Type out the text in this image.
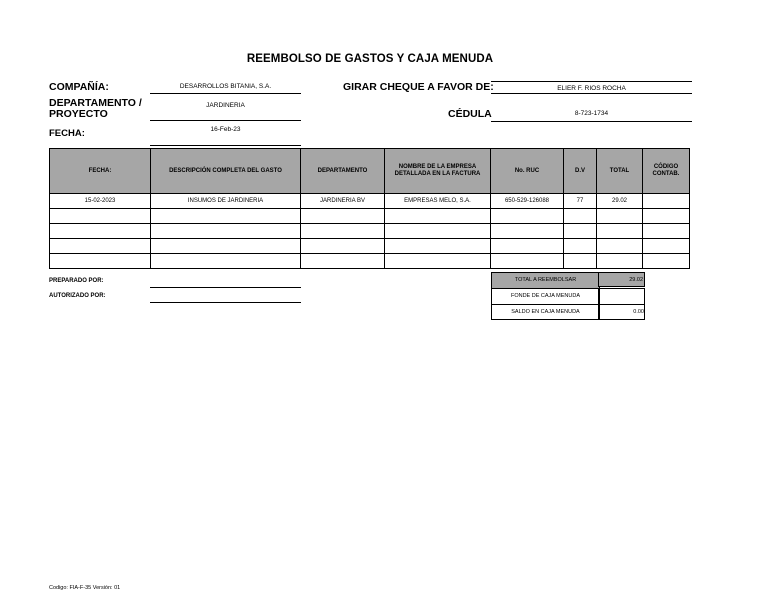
REEMBOLSO DE GASTOS Y CAJA MENUDA
COMPAÑÍA:	DESARROLLOS BITANIA, S.A.
DEPARTAMENTO /
PROYECTO
JARDINERIA
FECHA:	16-Feb-23
GIRAR CHEQUE A FAVOR DE:	ELIER F. RIOS ROCHA
CÉDULA	8-723-1734
FECHA:	DESCRIPCIÓN COMPLETA DEL GASTO	DEPARTAMENTO	NOMBRE DE LA EMPRESA DETALLADA EN LA FACTURA	No. RUC	D.V	TOTAL	CÓDIGO CONTAB.
15-02-2023	INSUMOS DE JARDINERIA	JARDINERIA BV	EMPRESAS MELO, S.A.	650-529-126088	77	29.02	

PREPARADO POR:
AUTORIZADO POR:
TOTAL A REEMBOLSAR	29.02
FONDE DE CAJA MENUDA
SALDO EN CAJA MENUDA	0.00
Codigo: FIA-F-35 Versión: 01
